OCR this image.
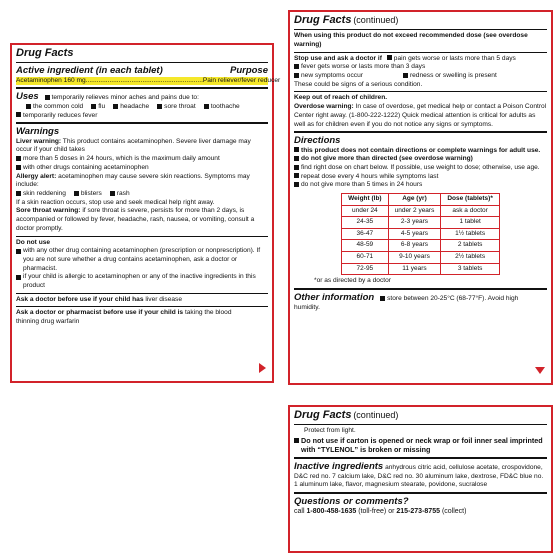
Drug Facts
Active ingredient (in each tablet)	Purpose
Acetaminophen 160 mg ................................................................ Pain reliever/fever reducer
Uses temporarily relieves minor aches and pains due to:
the common cold	flu	headache	sore throat	toothache
temporarily reduces fever
Warnings
Liver warning: This product contains acetaminophen. Severe liver damage may occur if your child takes
more than 5 doses in 24 hours, which is the maximum daily amount
with other drugs containing acetaminophen
Allergy alert: acetaminophen may cause severe skin reactions. Symptoms may include:
skin reddening	blisters	rash
If a skin reaction occurs, stop use and seek medical help right away.
Sore throat warning: if sore throat is severe, persists for more than 2 days, is accompanied or followed by fever, headache, rash, nausea, or vomiting, consult a doctor promptly.
Do not use
with any other drug containing acetaminophen (prescription or nonprescription). If you are not sure whether a drug contains acetaminophen, ask a doctor or pharmacist.
if your child is allergic to acetaminophen or any of the inactive ingredients in this product
Ask a doctor before use if your child has liver disease
Ask a doctor or pharmacist before use if your child is taking the blood thinning drug warfarin
Drug Facts (continued)
When using this product do not exceed recommended dose (see overdose warning)
Stop use and ask a doctor if pain gets worse or lasts more than 5 days
fever gets worse or lasts more than 3 days
new symptoms occur	redness or swelling is present
These could be signs of a serious condition.
Keep out of reach of children.
Overdose warning: In case of overdose, get medical help or contact a Poison Control Center right away. (1-800-222-1222) Quick medical attention is critical for adults as well as for children even if you do not notice any signs or symptoms.
Directions
this product does not contain directions or complete warnings for adult use.
do not give more than directed (see overdose warning)
find right dose on chart below. If possible, use weight to dose; otherwise, use age.
repeat dose every 4 hours while symptoms last
do not give more than 5 times in 24 hours
Weight (lb)	Age (yr)	Dose (tablets)*
under 24	under 2 years	ask a doctor
24-35	2-3 years	1 tablet
36-47	4-5 years	1½ tablets
48-59	6-8 years	2 tablets
60-71	9-10 years	2½ tablets
72-95	11 years	3 tablets
*or as directed by a doctor
Other information store between 20-25°C (68-77°F). Avoid high humidity.
Drug Facts (continued)
Protect from light.
Do not use if carton is opened or neck wrap or foil inner seal imprinted with “TYLENOL” is broken or missing
Inactive ingredients anhydrous citric acid, cellulose acetate, crospovidone, D&C red no. 7 calcium lake, D&C red no. 30 aluminum lake, dextrose, FD&C blue no. 1 aluminum lake, flavor, magnesium stearate, povidone, sucralose
Questions or comments?
call 1-800-458-1635 (toll-free) or 215-273-8755 (collect)
